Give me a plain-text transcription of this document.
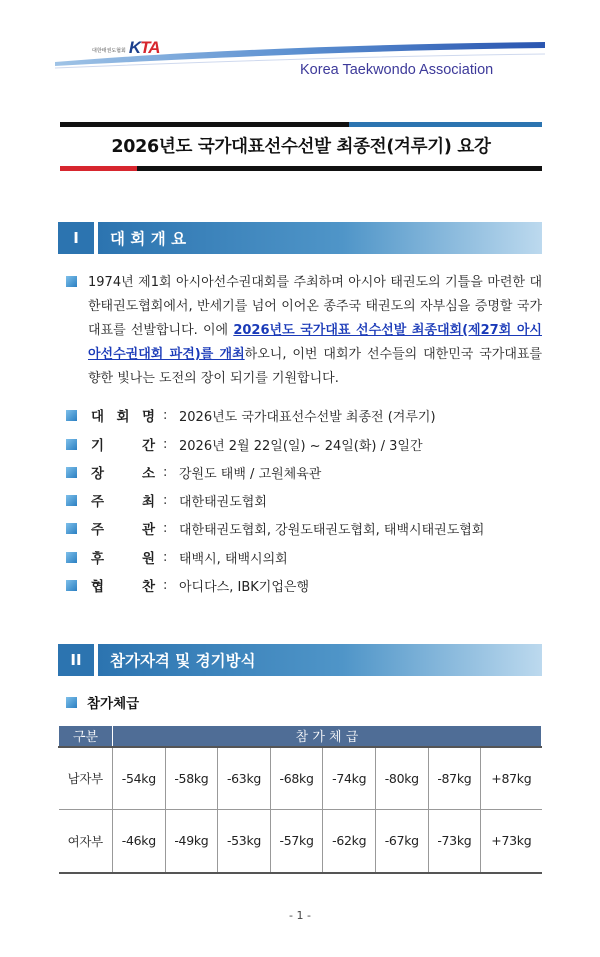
대한태권도협회 KTA
Korea Taekwondo Association
2026년도 국가대표선수선발 최종전(겨루기) 요강
I	대 회 개 요

1974년 제1회 아시아선수권대회를 주최하며 아시아 태권도의 기틀을 마련한 대한태권도협회에서, 반세기를 넘어 이어온 종주국 태권도의 자부심을 증명할 국가대표를 선발합니다. 이에 2026년도 국가대표 선수선발 최종대회(제27회 아시아선수권대회 파견)를 개최하오니, 이번 대회가 선수들의 대한민국 국가대표를 향한 빛나는 도전의 장이 되기를 기원합니다.

대 회 명 : 2026년도 국가대표선수선발 최종전 (겨루기)
기	간 : 2026년 2월 22일(일) ~ 24일(화) / 3일간
장	소 : 강원도 태백 / 고원체육관
주	최 : 대한태권도협회
주	관 : 대한태권도협회, 강원도태권도협회, 태백시태권도협회
후	원 : 태백시, 태백시의회
협	찬 : 아디다스, IBK기업은행
II	참가자격 및 경기방식
참가체급
구분	참 가 체 급							
남자부	-54kg	-58kg	-63kg	-68kg	-74kg	-80kg	-87kg	+87kg
여자부	-46kg	-49kg	-53kg	-57kg	-62kg	-67kg	-73kg	+73kg
- 1 -
